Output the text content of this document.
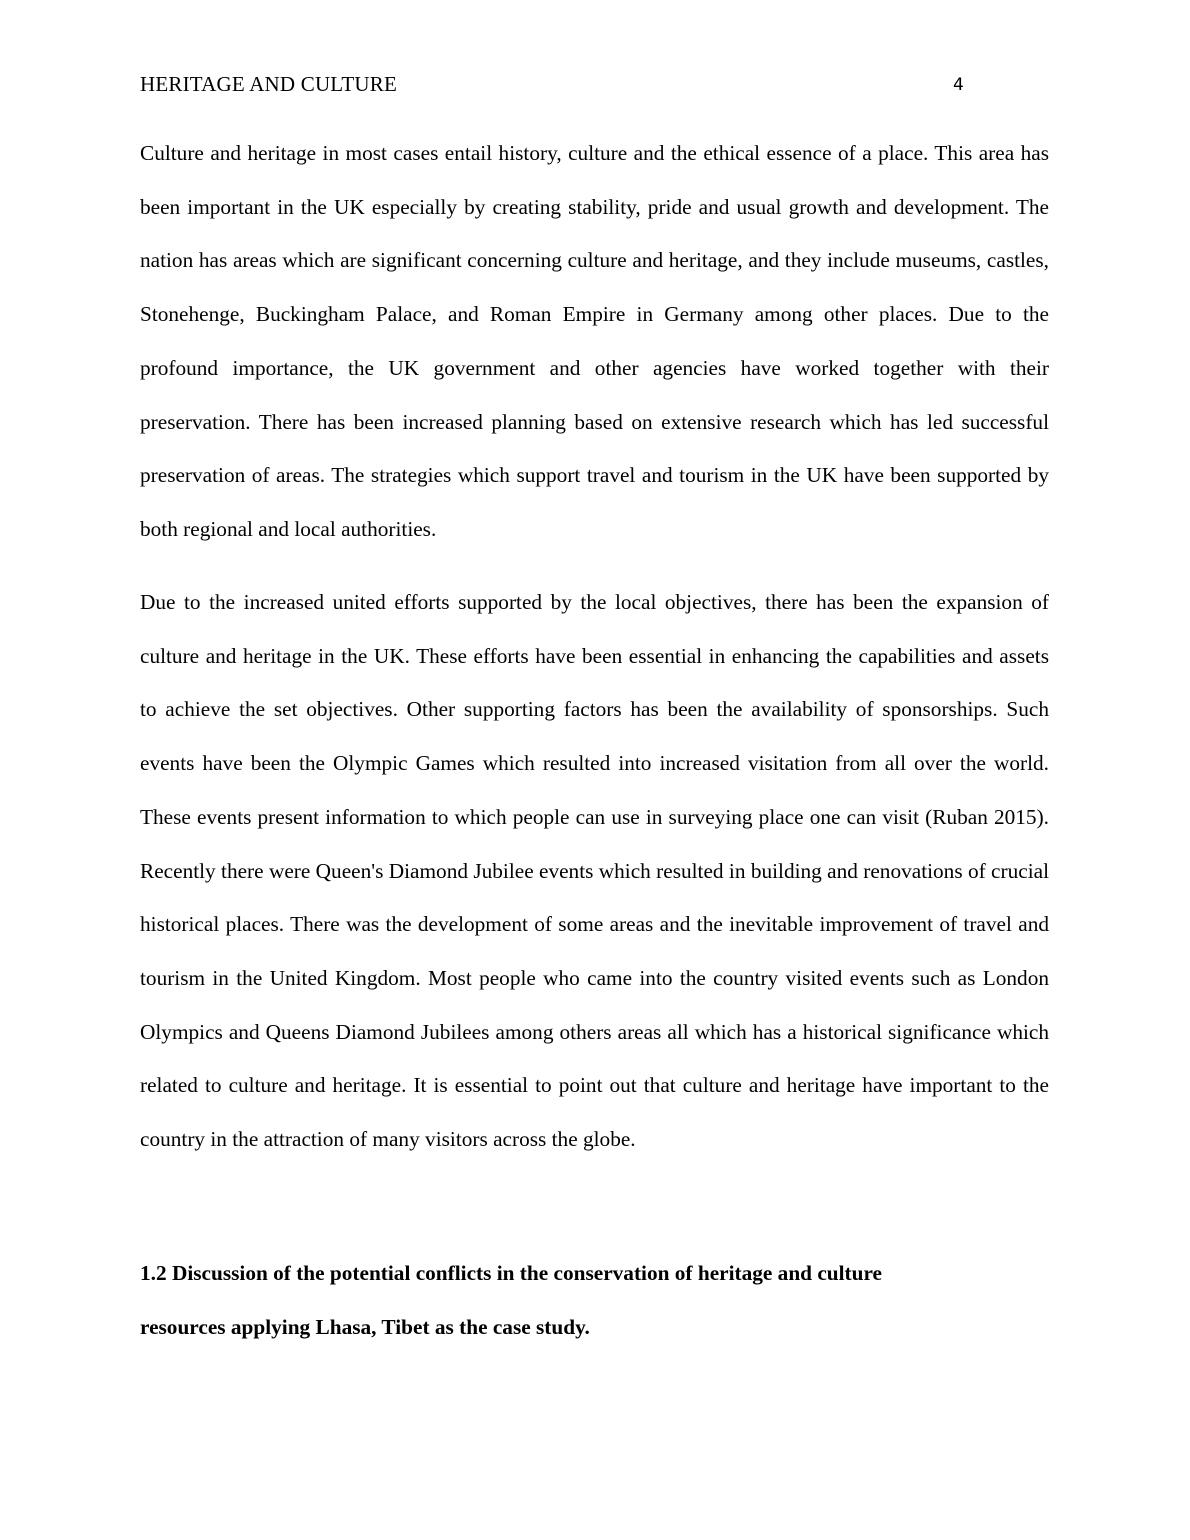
HERITAGE AND CULTURE	4

Culture and heritage in most cases entail history, culture and the ethical essence of a place. This area has been important in the UK especially by creating stability, pride and usual growth and development. The nation has areas which are significant concerning culture and heritage, and they include museums, castles, Stonehenge, Buckingham Palace, and Roman Empire in Germany among other places. Due to the profound importance, the UK government and other agencies have worked together with their preservation. There has been increased planning based on extensive research which has led successful preservation of areas. The strategies which support travel and tourism in the UK have been supported by both regional and local authorities.

Due to the increased united efforts supported by the local objectives, there has been the expansion of culture and heritage in the UK. These efforts have been essential in enhancing the capabilities and assets to achieve the set objectives. Other supporting factors has been the availability of sponsorships. Such events have been the Olympic Games which resulted into increased visitation from all over the world. These events present information to which people can use in surveying place one can visit (Ruban 2015). Recently there were Queen's Diamond Jubilee events which resulted in building and renovations of crucial historical places. There was the development of some areas and the inevitable improvement of travel and tourism in the United Kingdom. Most people who came into the country visited events such as London Olympics and Queens Diamond Jubilees among others areas all which has a historical significance which related to culture and heritage. It is essential to point out that culture and heritage have important to the country in the attraction of many visitors across the globe.

1.2 Discussion of the potential conflicts in the conservation of heritage and culture
resources applying Lhasa, Tibet as the case study.
